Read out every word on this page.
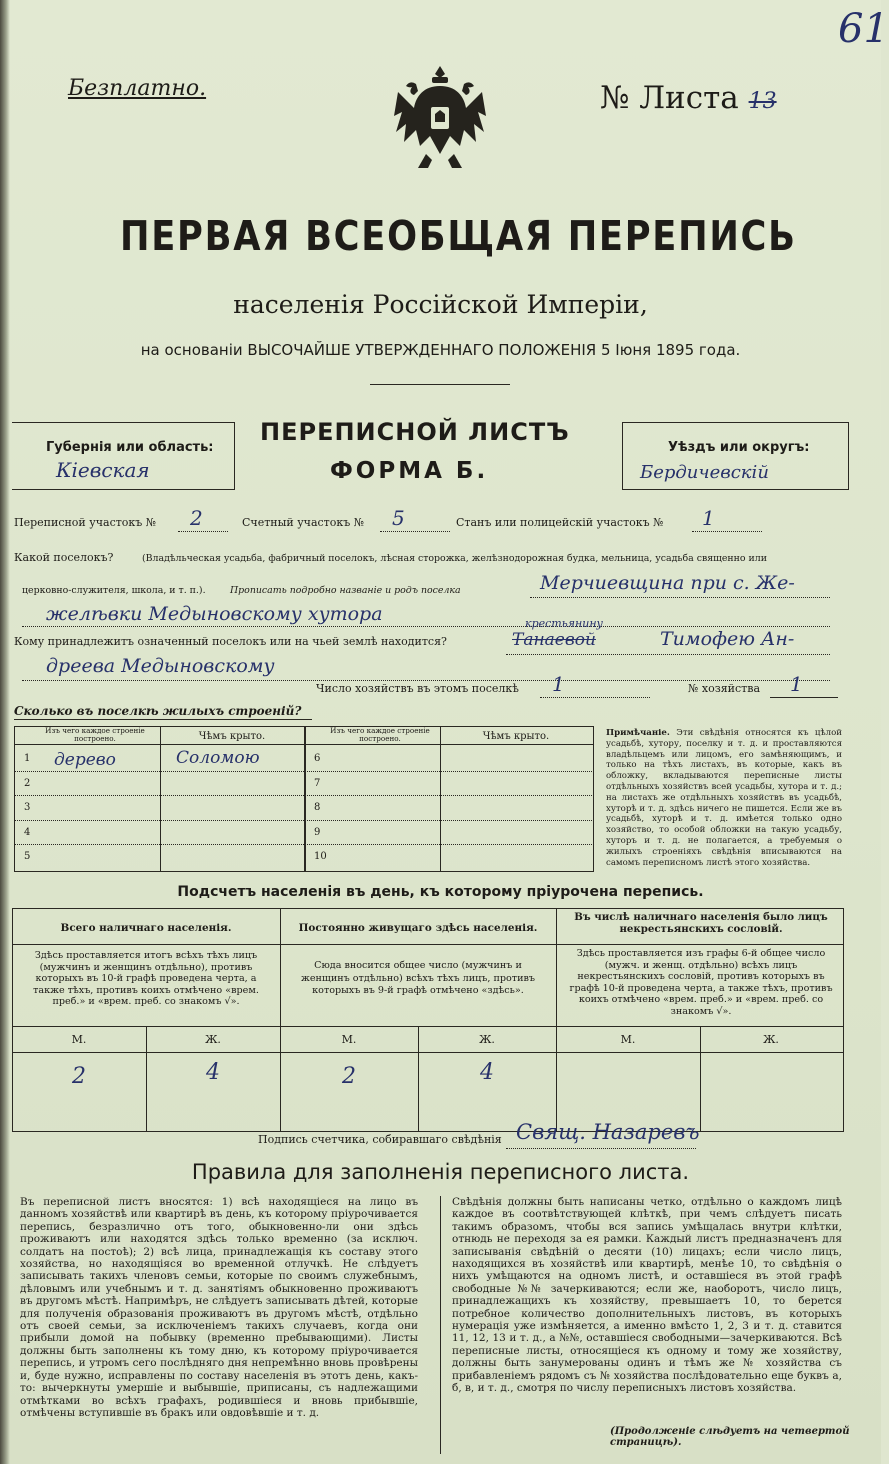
61
Безплатно.	№ Листа 13
ПЕРВАЯ ВСЕОБЩАЯ ПЕРЕПИСЬ
населенія Россійской Имперіи,
на основаніи ВЫСОЧАЙШЕ УТВЕРЖДЕННАГО ПОЛОЖЕНІЯ 5 Іюня 1895 года.
Губернія или область:
Кіевская
ПЕРЕПИСНОЙ ЛИСТЪ
ФОРМА Б.
Уѣздъ или округъ:
Бердичевскій
Переписной участокъ № 2	Счетный участокъ № 5	Станъ или полицейскій участокъ № 1
Какой поселокъ?	(Владѣльческая усадьба, фабричный поселокъ, лѣсная сторожка, желѣзнодорожная будка, мельница, усадьба священно или
церковно-служителя, школа, и т. п.).	Прописать подробно названіе и родъ поселка	Мерчиевщина при с. Же-
желѣвки Медыновскому хутора
Кому принадлежитъ означенный поселокъ или на чьей землѣ находится?
крестьянину
Танаевой	Тимофею Ан-
дреева Медыновскому
Число хозяйствъ въ этомъ поселкѣ 1	№ хозяйства 1
Сколько въ поселкѣ жилыхъ строеній?
Изъ чего каждое строеніе построено.	Чѣмъ крыто.
Изъ чего каждое строеніе построено.	Чѣмъ крыто.
1 дерево	Соломою
2
3
4
5
6
7
8
9
10
Примѣчаніе. Эти свѣдѣнія относятся къ цѣлой усадьбѣ, хутору, поселку и т. д. и проставляются владѣльцемъ или лицомъ, его замѣняющимъ, и только на тѣхъ листахъ, въ которые, какъ въ обложку, вкладываются переписные листы отдѣльныхъ хозяйствъ всей усадьбы, хутора и т. д.; на листахъ же отдѣльныхъ хозяйствъ въ усадьбѣ, хуторѣ и т. д. здѣсь ничего не пишется. Если же въ усадьбѣ, хуторѣ и т. д. имѣется только одно хозяйство, то особой обложки на такую усадьбу, хуторъ и т. д. не полагается, а требуемыя о жилыхъ строеніяхъ свѣдѣнія вписываются на самомъ переписномъ листѣ этого хозяйства.
Подсчетъ населенія въ день, къ которому пріурочена перепись.
Всего наличнаго населенія.
Здѣсь проставляется итогъ всѣхъ тѣхъ лицъ (мужчинъ и женщинъ отдѣльно), противъ которыхъ въ 10-й графѣ проведена черта, а также тѣхъ, противъ коихъ отмѣчено «врем. преб.» и «врем. преб. со знакомъ √».
Постоянно живущаго здѣсь населенія.
Сюда вносится общее число (мужчинъ и женщинъ отдѣльно) всѣхъ тѣхъ лицъ, противъ которыхъ въ 9-й графѣ отмѣчено «здѣсь».
Въ числѣ наличнаго населенія было лицъ некрестьянскихъ сословій.
Здѣсь проставляется изъ графы 6-й общее число (мужч. и женщ. отдѣльно) всѣхъ лицъ некрестьянскихъ сословій, противъ которыхъ въ графѣ 10-й проведена черта, а также тѣхъ, противъ коихъ отмѣчено «врем. преб.» и «врем. преб. со знакомъ √».
М.	Ж.	М.	Ж.	М.	Ж.
2	4	2	4
Подпись счетчика, собиравшаго свѣдѣнія Свящ. Назаревъ
Правила для заполненія переписного листа.
Въ переписной листъ вносятся: 1) всѣ находящіеся на лицо въ данномъ хозяйствѣ или квартирѣ въ день, къ которому пріурочивается перепись, безразлично отъ того, обыкновенно-ли они здѣсь проживаютъ или находятся здѣсь только временно (за исключ. солдатъ на постоѣ); 2) всѣ лица, принадлежащія къ составу этого хозяйства, но находящіяся во временной отлучкѣ. Не слѣдуетъ записывать такихъ членовъ семьи, которые по своимъ служебнымъ, дѣловымъ или учебнымъ и т. д. занятіямъ обыкновенно проживаютъ въ другомъ мѣстѣ. Напримѣръ, не слѣдуетъ записывать дѣтей, которые для полученія образованія проживаютъ въ другомъ мѣстѣ, отдѣльно отъ своей семьи, за исключеніемъ такихъ случаевъ, когда они прибыли домой на побывку (временно пребывающими). Листы должны быть заполнены къ тому дню, къ которому пріурочивается перепись, и утромъ сего послѣдняго дня непремѣнно вновь провѣрены и, буде нужно, исправлены по составу населенія въ этотъ день, какъ-то: вычеркнуты умершіе и выбывшіе, приписаны, съ надлежащими отмѣтками во всѣхъ графахъ, родившіеся и вновь прибывшіе, отмѣчены вступившіе въ бракъ или овдовѣвшіе и т. д.
Свѣдѣнія должны быть написаны четко, отдѣльно о каждомъ лицѣ каждое въ соотвѣтствующей клѣткѣ, при чемъ слѣдуетъ писать такимъ образомъ, чтобы вся запись умѣщалась внутри клѣтки, отнюдь не переходя за ея рамки. Каждый листъ предназначенъ для записыванія свѣдѣній о десяти (10) лицахъ; если число лицъ, находящихся въ хозяйствѣ или квартирѣ, менѣе 10, то свѣдѣнія о нихъ умѣщаются на одномъ листѣ, и оставшіеся въ этой графѣ свободные №№ зачеркиваются; если же, наоборотъ, число лицъ, принадлежащихъ къ хозяйству, превышаетъ 10, то берется потребное количество дополнительныхъ листовъ, въ которыхъ нумерація уже измѣняется, а именно вмѣсто 1, 2, 3 и т. д. ставится 11, 12, 13 и т. д., а №№, оставшіеся свободными—зачеркиваются. Всѣ переписные листы, относящіеся къ одному и тому же хозяйству, должны быть занумерованы одинъ и тѣмъ же № хозяйства съ прибавленіемъ рядомъ съ № хозяйства послѣдовательно еще буквъ а, б, в, и т. д., смотря по числу переписныхъ листовъ хозяйства.
(Продолженіе слѣдуетъ на четвертой страницѣ).
